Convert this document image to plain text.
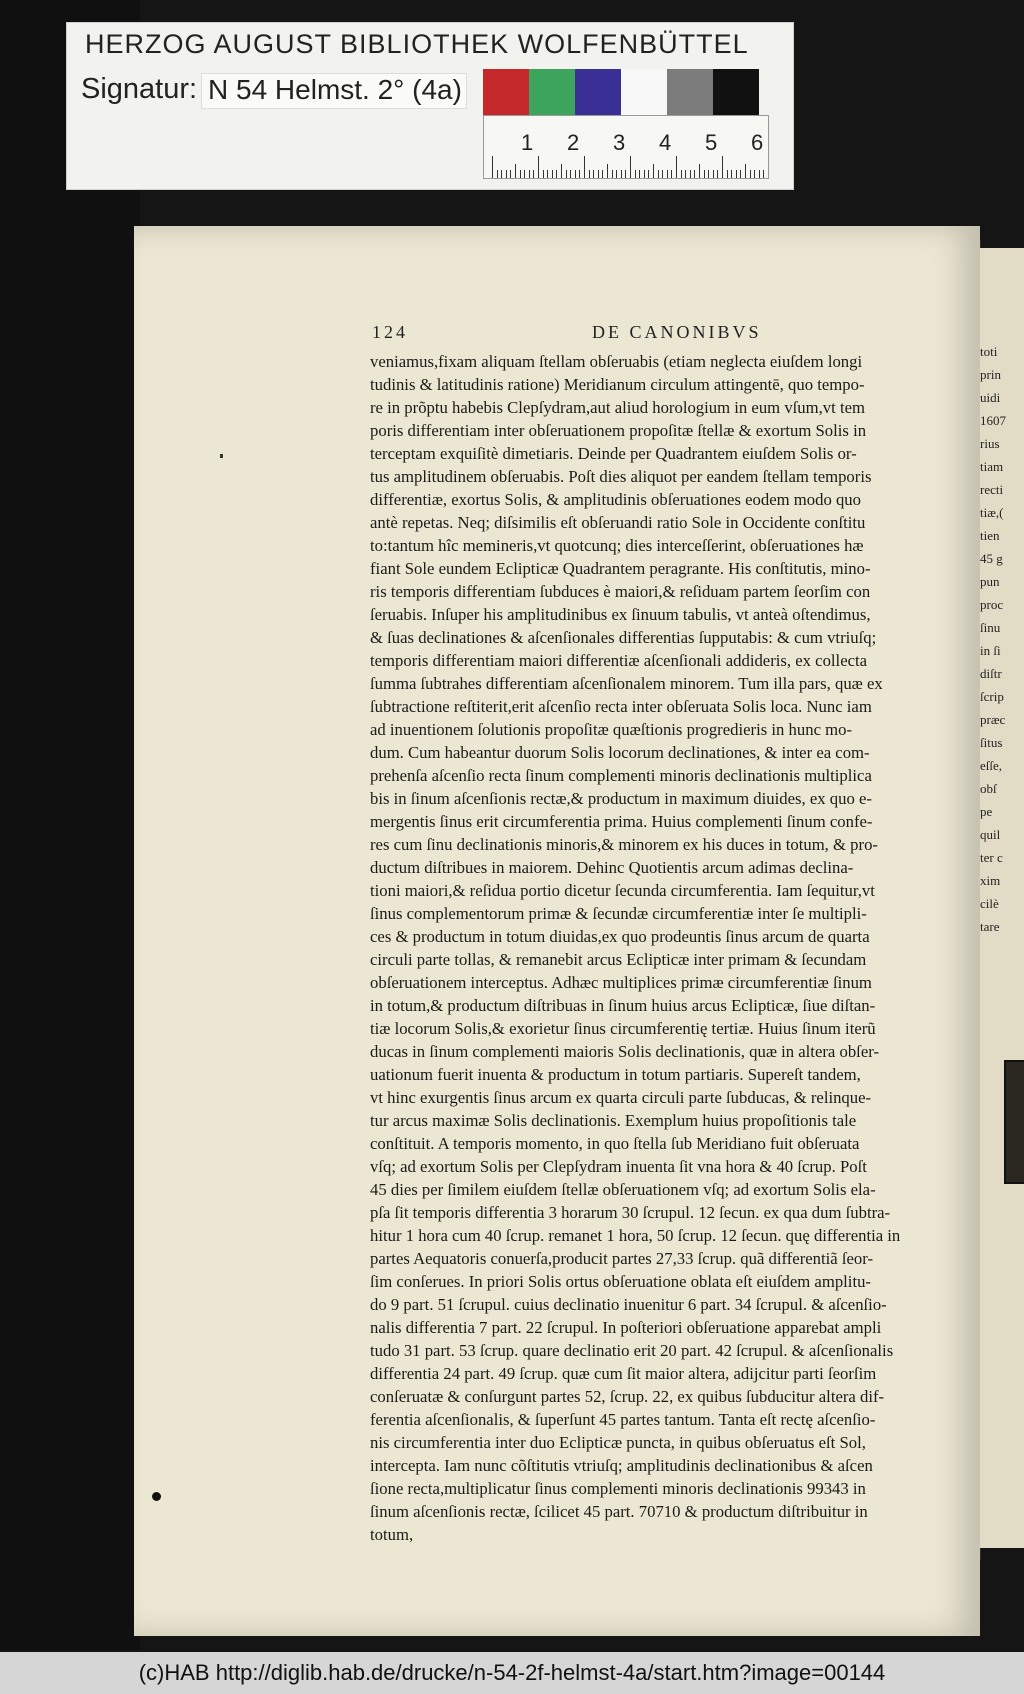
HERZOG AUGUST BIBLIOTHEK WOLFENBÜTTEL
Signatur: N 54 Helmst. 2° (4a)
1 2 3 4 5 6
toti
prin
uidi
1607
rius
tiam
recti
tiæ,(
tien
45 g
pun
proc
ſinu
in ſi
diſtr
ſcrip
præc
ſitus
eſſe,
obſ
pe
quil
ter c
xim
cilè
tare
124	DE CANONIBVS
veniamus,fixam aliquam ſtellam obſeruabis (etiam neglecta eiuſdem longi
tudinis & latitudinis ratione) Meridianum circulum attingentē, quo tempo-
re in prõptu habebis Clepſydram,aut aliud horologium in eum vſum,vt tem
poris differentiam inter obſeruationem propoſitæ ſtellæ & exortum Solis in
terceptam exquiſitè dimetiaris. Deinde per Quadrantem eiuſdem Solis or-
tus amplitudinem obſeruabis. Poſt dies aliquot per eandem ſtellam temporis
differentiæ, exortus Solis, & amplitudinis obſeruationes eodem modo quo
antè repetas. Neq; diſsimilis eſt obſeruandi ratio Sole in Occidente conſtitu
to:tantum hîc memineris,vt quotcunq; dies interceſſerint, obſeruationes hæ
fiant Sole eundem Eclipticæ Quadrantem peragrante. His conſtitutis, mino-
ris temporis differentiam ſubduces è maiori,& reſiduam partem ſeorſim con
ſeruabis. Inſuper his amplitudinibus ex ſinuum tabulis, vt anteà oſtendimus,
& ſuas declinationes & aſcenſionales differentias ſupputabis: & cum vtriuſq;
temporis differentiam maiori differentiæ aſcenſionali addideris, ex collecta
ſumma ſubtrahes differentiam aſcenſionalem minorem. Tum illa pars, quæ ex
ſubtractione reſtiterit,erit aſcenſio recta inter obſeruata Solis loca. Nunc iam
ad inuentionem ſolutionis propoſitæ quæſtionis progredieris in hunc mo-
dum. Cum habeantur duorum Solis locorum declinationes, & inter ea com-
prehenſa aſcenſio recta ſinum complementi minoris declinationis multiplica
bis in ſinum aſcenſionis rectæ,& productum in maximum diuides, ex quo e-
mergentis ſinus erit circumferentia prima. Huius complementi ſinum confe-
res cum ſinu declinationis minoris,& minorem ex his duces in totum, & pro-
ductum diſtribues in maiorem. Dehinc Quotientis arcum adimas declina-
tioni maiori,& reſidua portio dicetur ſecunda circumferentia. Iam ſequitur,vt
ſinus complementorum primæ & ſecundæ circumferentiæ inter ſe multipli-
ces & productum in totum diuidas,ex quo prodeuntis ſinus arcum de quarta
circuli parte tollas, & remanebit arcus Eclipticæ inter primam & ſecundam
obſeruationem interceptus. Adhæc multiplices primæ circumferentiæ ſinum
in totum,& productum diſtribuas in ſinum huius arcus Eclipticæ, ſiue diſtan-
tiæ locorum Solis,& exorietur ſinus circumferentię tertiæ. Huius ſinum iterũ
ducas in ſinum complementi maioris Solis declinationis, quæ in altera obſer-
uationum fuerit inuenta & productum in totum partiaris. Supereſt tandem,
vt hinc exurgentis ſinus arcum ex quarta circuli parte ſubducas, & relinque-
tur arcus maximæ Solis declinationis. Exemplum huius propoſitionis tale
conſtituit. A temporis momento, in quo ſtella ſub Meridiano fuit obſeruata
vſq; ad exortum Solis per Clepſydram inuenta ſit vna hora & 40 ſcrup. Poſt
45 dies per ſimilem eiuſdem ſtellæ obſeruationem vſq; ad exortum Solis ela-
pſa ſit temporis differentia 3 horarum 30 ſcrupul. 12 ſecun. ex qua dum ſubtra-
hitur 1 hora cum 40 ſcrup. remanet 1 hora, 50 ſcrup. 12 ſecun. quę differentia in
partes Aequatoris conuerſa,producit partes 27,33 ſcrup. quã differentiã ſeor-
ſim conſerues. In priori Solis ortus obſeruatione oblata eſt eiuſdem amplitu-
do 9 part. 51 ſcrupul. cuius declinatio inuenitur 6 part. 34 ſcrupul. & aſcenſio-
nalis differentia 7 part. 22 ſcrupul. In poſteriori obſeruatione apparebat ampli
tudo 31 part. 53 ſcrup. quare declinatio erit 20 part. 42 ſcrupul. & aſcenſionalis
differentia 24 part. 49 ſcrup. quæ cum ſit maior altera, adijcitur parti ſeorſim
conſeruatæ & conſurgunt partes 52, ſcrup. 22, ex quibus ſubducitur altera dif-
ferentia aſcenſionalis, & ſuperſunt 45 partes tantum. Tanta eſt rectę aſcenſio-
nis circumferentia inter duo Eclipticæ puncta, in quibus obſeruatus eſt Sol,
intercepta. Iam nunc cõſtitutis vtriuſq; amplitudinis declinationibus & aſcen
ſione recta,multiplicatur ſinus complementi minoris declinationis 99343 in
ſinum aſcenſionis rectæ, ſcilicet 45 part. 70710 & productum diſtribuitur in
totum,
(c)HAB http://diglib.hab.de/drucke/n-54-2f-helmst-4a/start.htm?image=00144
